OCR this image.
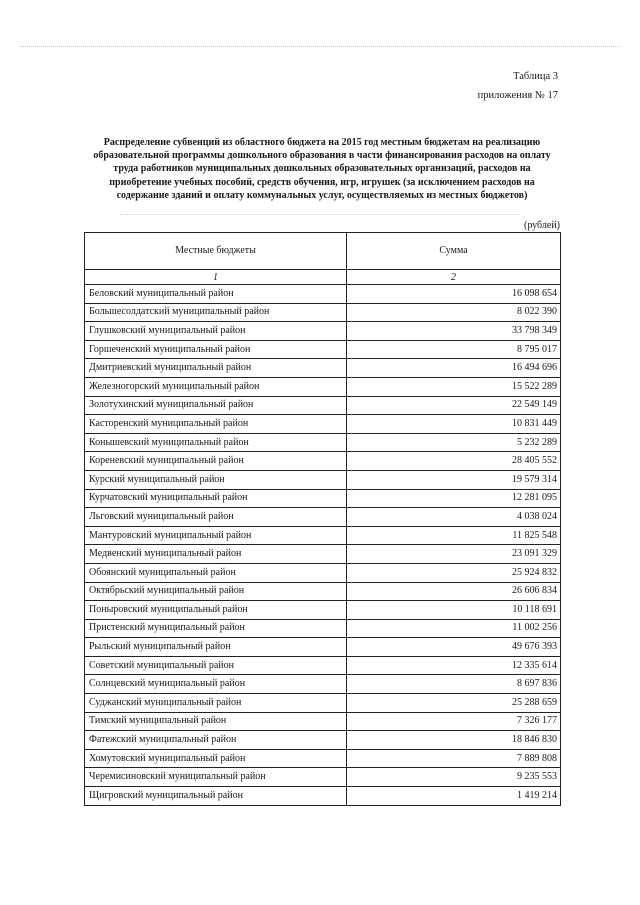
Таблица 3
приложения № 17
Распределение субвенций из областного бюджета на 2015 год местным бюджетам на реализацию образовательной программы дошкольного образования в части финансирования расходов на оплату труда работников муниципальных дошкольных образовательных организаций, расходов на приобретение учебных пособий, средств обучения, игр, игрушек (за исключением расходов на содержание зданий и оплату коммунальных услуг, осуществляемых из местных бюджетов)
(рублей)
Местные бюджеты	Сумма
1	2
Беловский муниципальный район	16 098 654
Большесолдатский муниципальный район	8 022 390
Глушковский муниципальный район	33 798 349
Горшеченский муниципальный район	8 795 017
Дмитриевский муниципальный район	16 494 696
Железногорский муниципальный район	15 522 289
Золотухинский муниципальный район	22 549 149
Касторенский муниципальный район	10 831 449
Конышевский муниципальный район	5 232 289
Кореневский муниципальный район	28 405 552
Курский муниципальный район	19 579 314
Курчатовский муниципальный район	12 281 095
Льговский муниципальный район	4 038 024
Мантуровский муниципальный район	11 825 548
Медвенский муниципальный район	23 091 329
Обоянский муниципальный район	25 924 832
Октябрьский муниципальный район	26 606 834
Поныровский муниципальный район	10 118 691
Пристенский муниципальный район	11 002 256
Рыльский муниципальный район	49 676 393
Советский муниципальный район	12 335 614
Солнцевский муниципальный район	8 697 836
Суджанский муниципальный район	25 288 659
Тимский муниципальный район	7 326 177
Фатежский муниципальный район	18 846 830
Хомутовский муниципальный район	7 889 808
Черемисиновский муниципальный район	9 235 553
Щигровский муниципальный район	1 419 214
